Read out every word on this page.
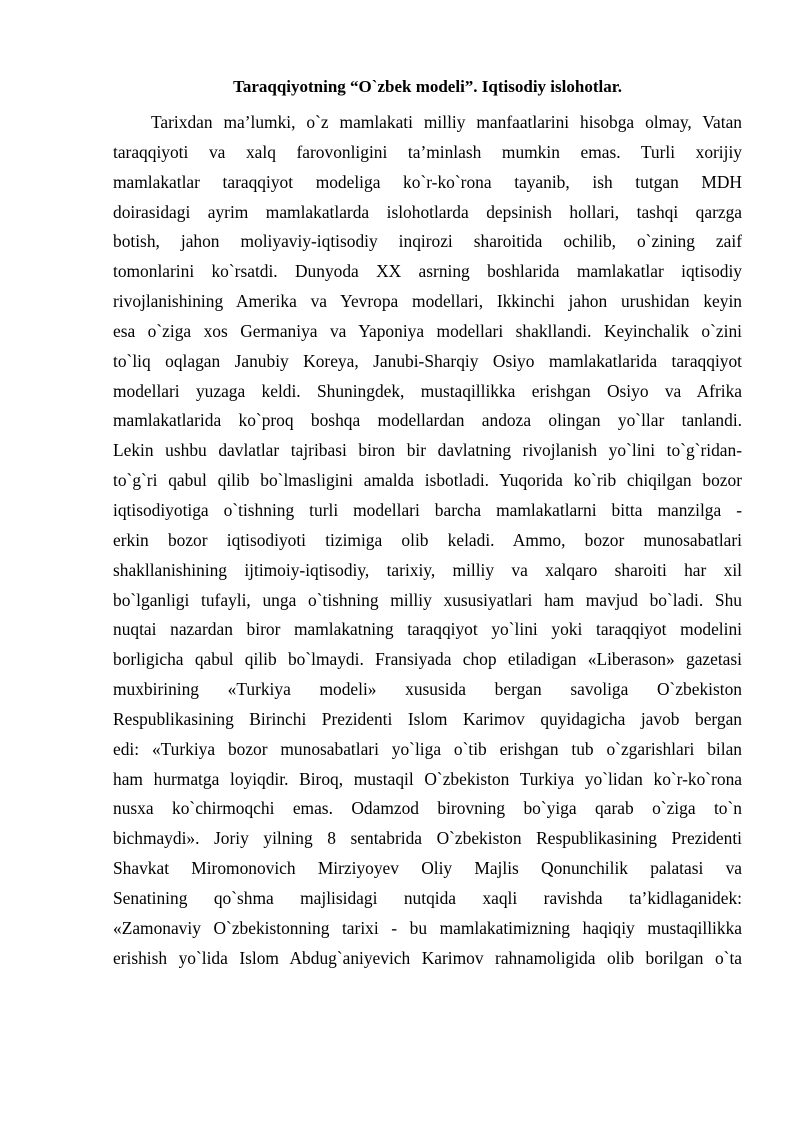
Taraqqiyotning “O`zbek modeli”. Iqtisodiy islohotlar.
Tarixdan ma’lumki, o`z mamlakati milliy manfaatlarini hisobga olmay, Vatan
taraqqiyoti va xalq farovonligini ta’minlash mumkin emas. Turli xorijiy
mamlakatlar taraqqiyot modeliga ko`r-ko`rona tayanib, ish tutgan MDH
doirasidagi ayrim mamlakatlarda islohotlarda depsinish hollari, tashqi qarzga
botish, jahon moliyaviy-iqtisodiy inqirozi sharoitida ochilib, o`zining zaif
tomonlarini ko`rsatdi. Dunyoda XX asrning boshlarida mamlakatlar iqtisodiy
rivojlanishining Amerika va Yevropa modellari, Ikkinchi jahon urushidan keyin
esa o`ziga xos Germaniya va Yaponiya modellari shakllandi. Keyinchalik o`zini
to`liq oqlagan Janubiy Koreya, Janubi-Sharqiy Osiyo mamlakatlarida taraqqiyot
modellari yuzaga keldi. Shuningdek, mustaqillikka erishgan Osiyo va Afrika
mamlakatlarida ko`proq boshqa modellardan andoza olingan yo`llar tanlandi.
Lekin ushbu davlatlar tajribasi biron bir davlatning rivojlanish yo`lini to`g`ridan-
to`g`ri qabul qilib bo`lmasligini amalda isbotladi. Yuqorida ko`rib chiqilgan bozor
iqtisodiyotiga o`tishning turli modellari barcha mamlakatlarni bitta manzilga -
erkin bozor iqtisodiyoti tizimiga olib keladi. Ammo, bozor munosabatlari
shakllanishining ijtimoiy-iqtisodiy, tarixiy, milliy va xalqaro sharoiti har xil
bo`lganligi tufayli, unga o`tishning milliy xususiyatlari ham mavjud bo`ladi. Shu
nuqtai nazardan biror mamlakatning taraqqiyot yo`lini yoki taraqqiyot modelini
borligicha qabul qilib bo`lmaydi. Fransiyada chop etiladigan «Liberason» gazetasi
muxbirining «Turkiya modeli» xususida bergan savoliga O`zbekiston
Respublikasining Birinchi Prezidenti Islom Karimov quyidagicha javob bergan
edi: «Turkiya bozor munosabatlari yo`liga o`tib erishgan tub o`zgarishlari bilan
ham hurmatga loyiqdir. Biroq, mustaqil O`zbekiston Turkiya yo`lidan ko`r-ko`rona
nusxa ko`chirmoqchi emas. Odamzod birovning bo`yiga qarab o`ziga to`n
bichmaydi». Joriy yilning 8 sentabrida O`zbekiston Respublikasining Prezidenti
Shavkat Miromonovich Mirziyoyev Oliy Majlis Qonunchilik palatasi va
Senatining qo`shma majlisidagi nutqida xaqli ravishda ta’kidlaganidek:
«Zamonaviy O`zbekistonning tarixi - bu mamlakatimizning haqiqiy mustaqillikka
erishish yo`lida Islom Abdug`aniyevich Karimov rahnamoligida olib borilgan o`ta
